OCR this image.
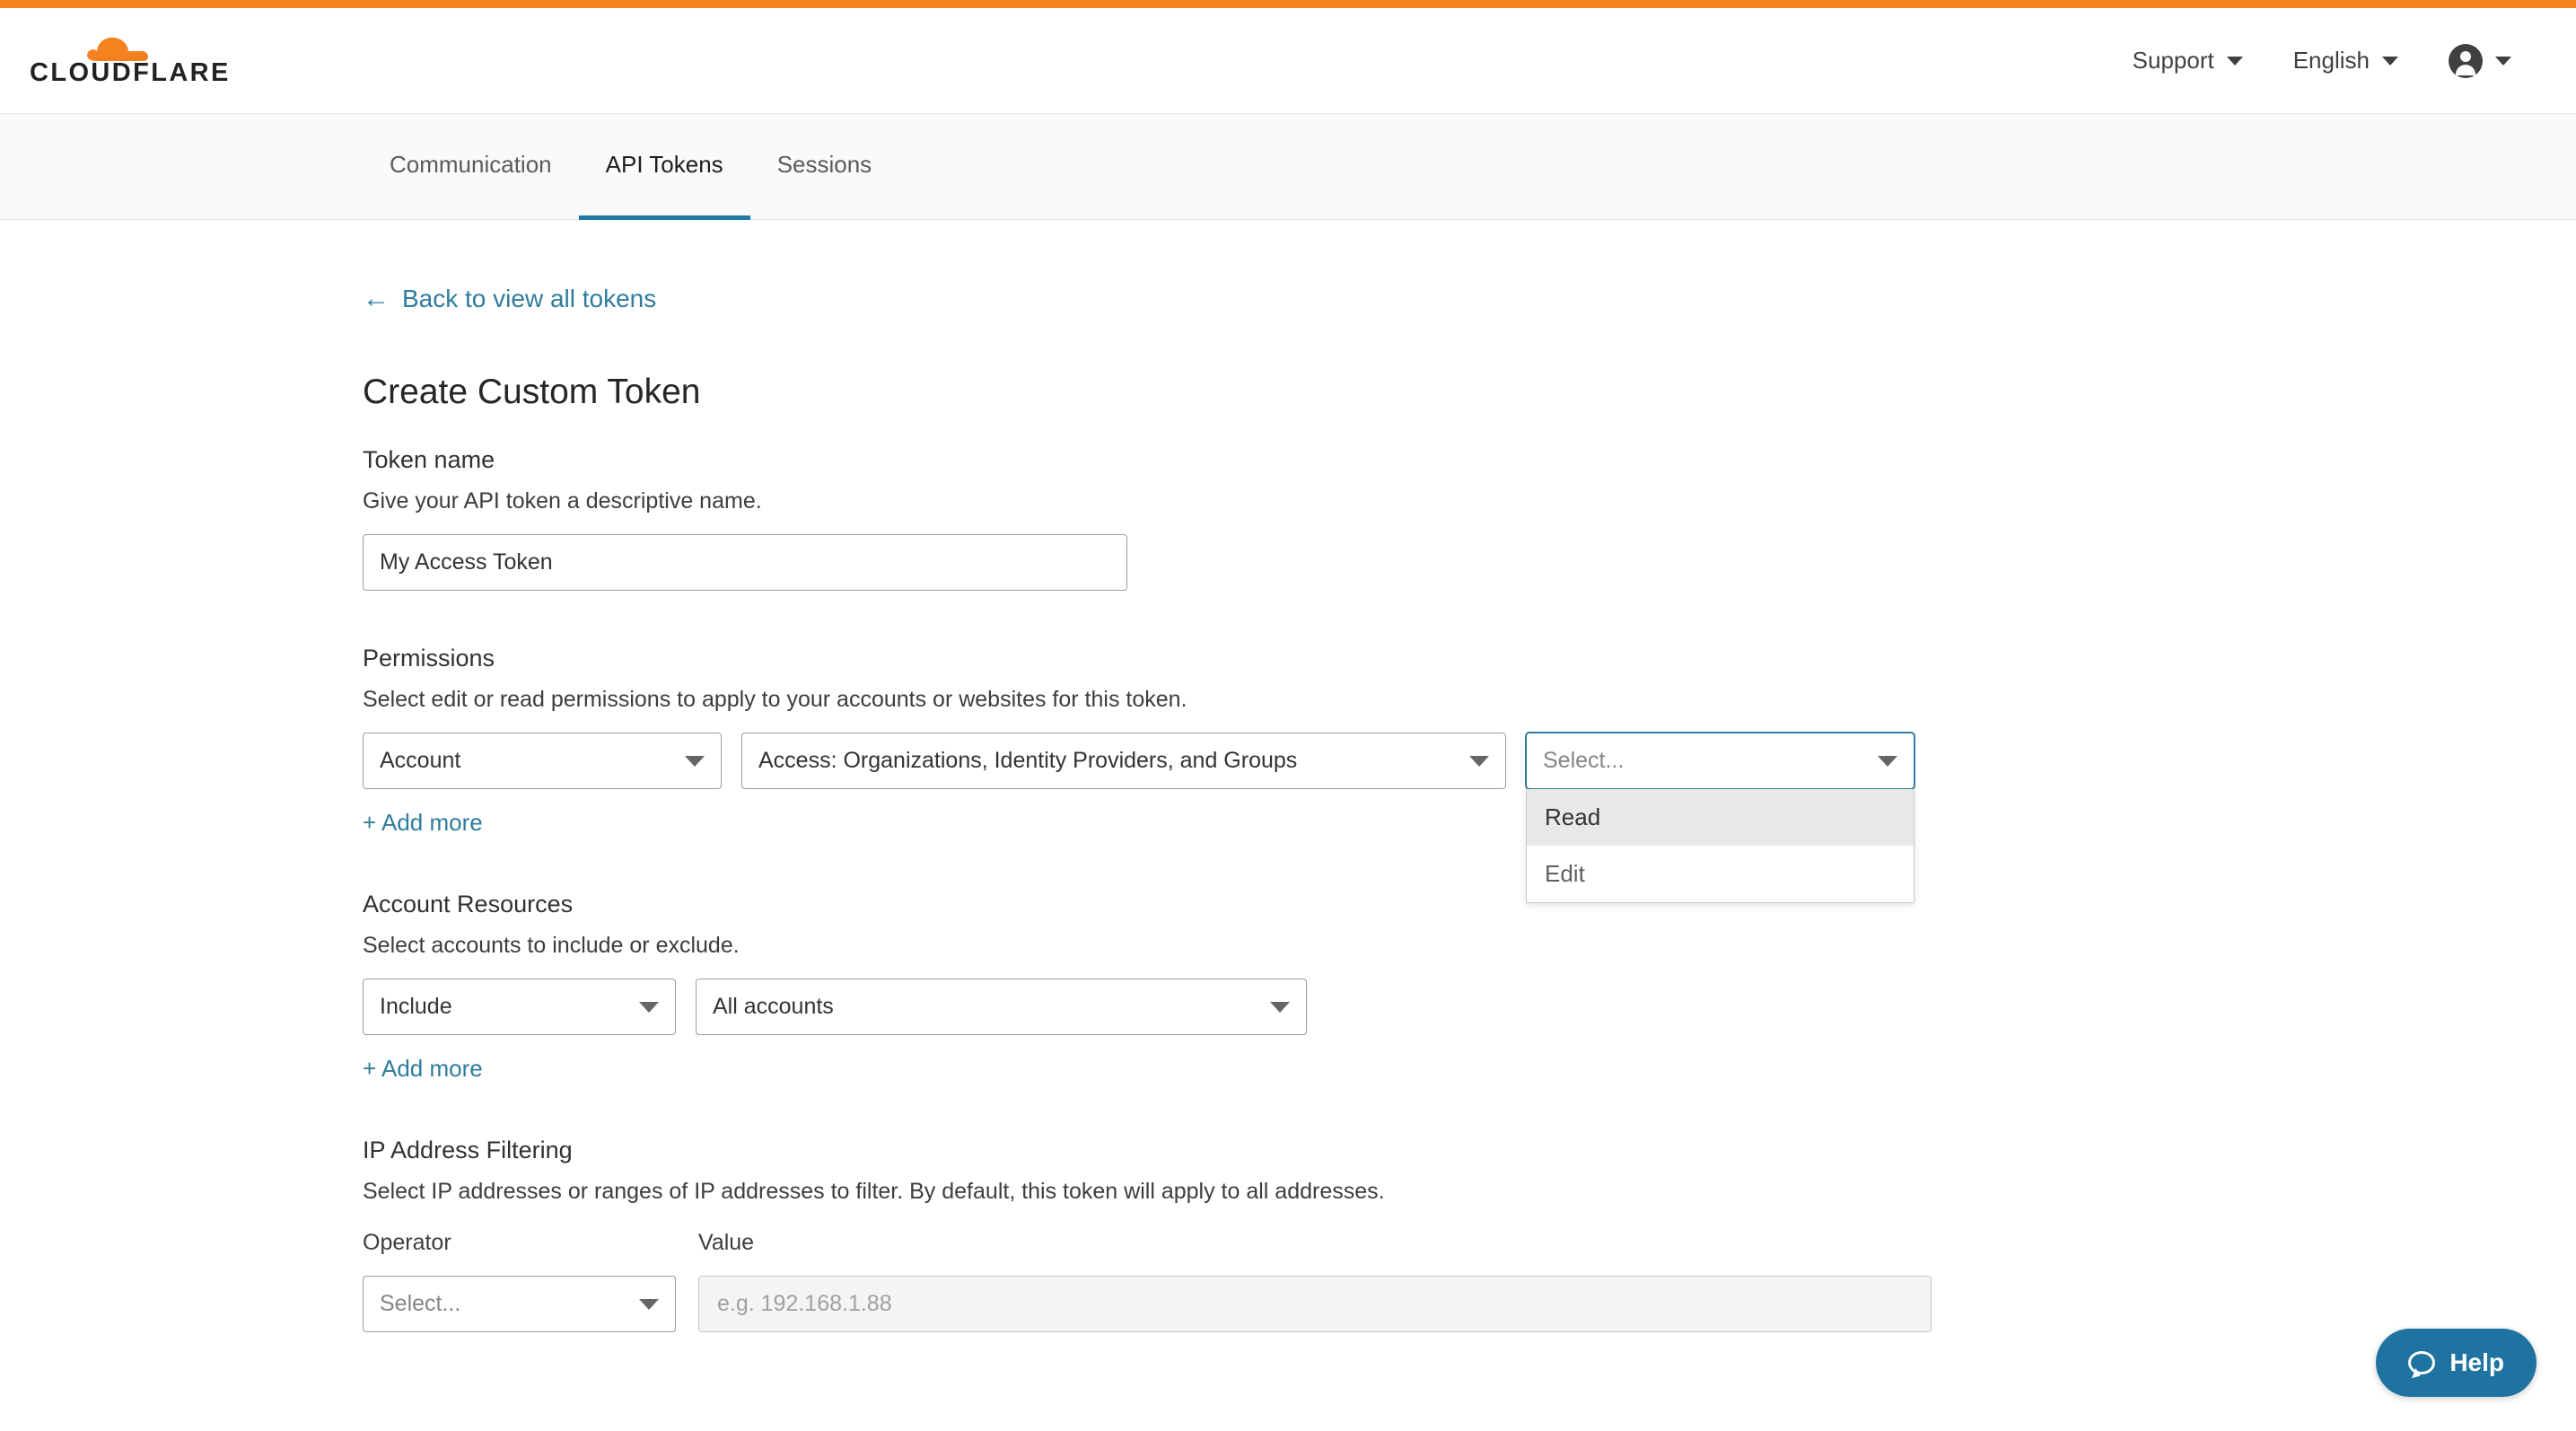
CLOUDFLARE	Support	English
Communication	API Tokens	Sessions
← Back to view all tokens
Create Custom Token
Token name
Give your API token a descriptive name.
My Access Token
Permissions
Select edit or read permissions to apply to your accounts or websites for this token.
Account	Access: Organizations, Identity Providers, and Groups	Select...
Read
Edit
+ Add more
Account Resources
Select accounts to include or exclude.
Include	All accounts
+ Add more
IP Address Filtering
Select IP addresses or ranges of IP addresses to filter. By default, this token will apply to all addresses.
Operator
Select...
Value
e.g. 192.168.1.88
Help
